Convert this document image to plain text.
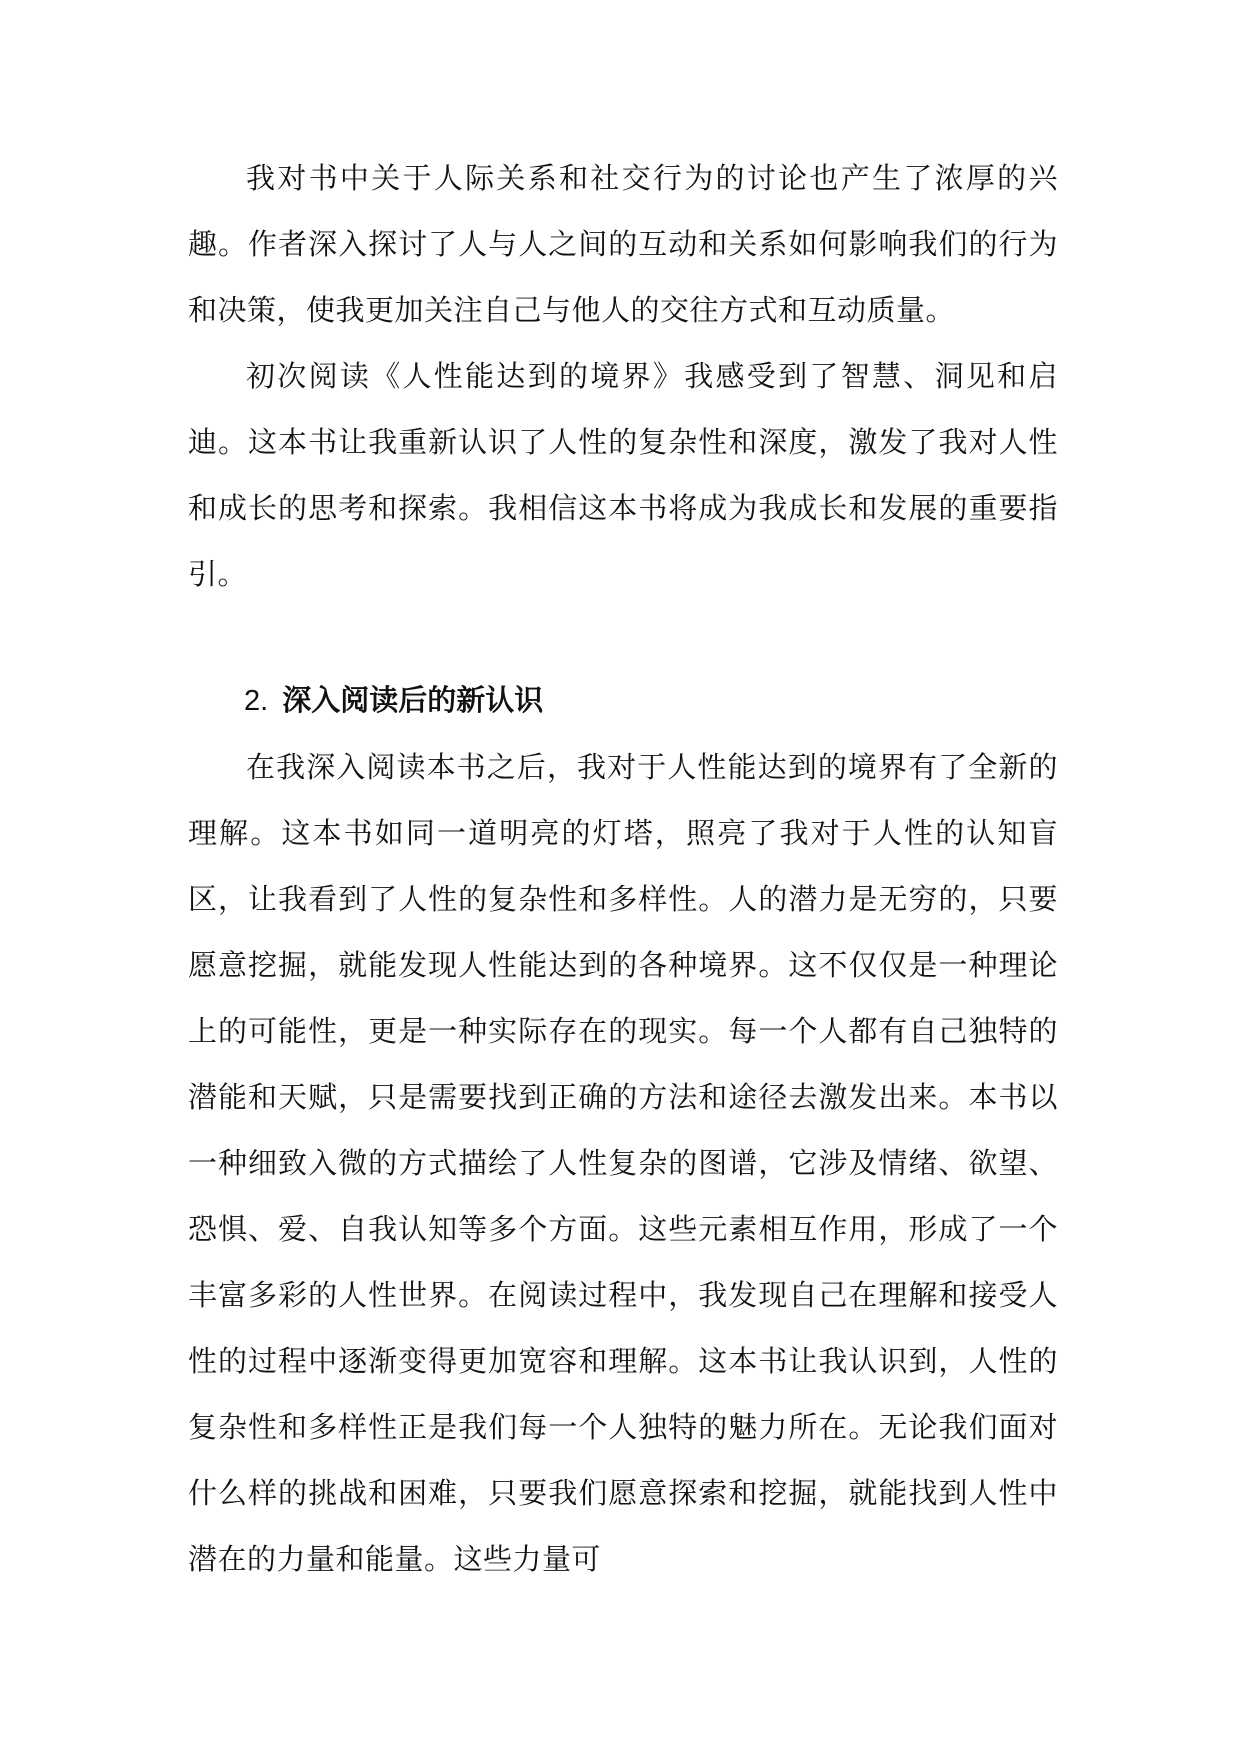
我对书中关于人际关系和社交行为的讨论也产生了浓厚的兴趣。作者深入探讨了人与人之间的互动和关系如何影响我们的行为和决策，使我更加关注自己与他人的交往方式和互动质量。

初次阅读《人性能达到的境界》我感受到了智慧、洞见和启迪。这本书让我重新认识了人性的复杂性和深度，激发了我对人性和成长的思考和探索。我相信这本书将成为我成长和发展的重要指引。

2. 深入阅读后的新认识

在我深入阅读本书之后，我对于人性能达到的境界有了全新的理解。这本书如同一道明亮的灯塔，照亮了我对于人性的认知盲区，让我看到了人性的复杂性和多样性。人的潜力是无穷的，只要愿意挖掘，就能发现人性能达到的各种境界。这不仅仅是一种理论上的可能性，更是一种实际存在的现实。每一个人都有自己独特的潜能和天赋，只是需要找到正确的方法和途径去激发出来。本书以一种细致入微的方式描绘了人性复杂的图谱，它涉及情绪、欲望、恐惧、爱、自我认知等多个方面。这些元素相互作用，形成了一个丰富多彩的人性世界。在阅读过程中，我发现自己在理解和接受人性的过程中逐渐变得更加宽容和理解。这本书让我认识到，人性的复杂性和多样性正是我们每一个人独特的魅力所在。无论我们面对什么样的挑战和困难，只要我们愿意探索和挖掘，就能找到人性中潜在的力量和能量。这些力量可
